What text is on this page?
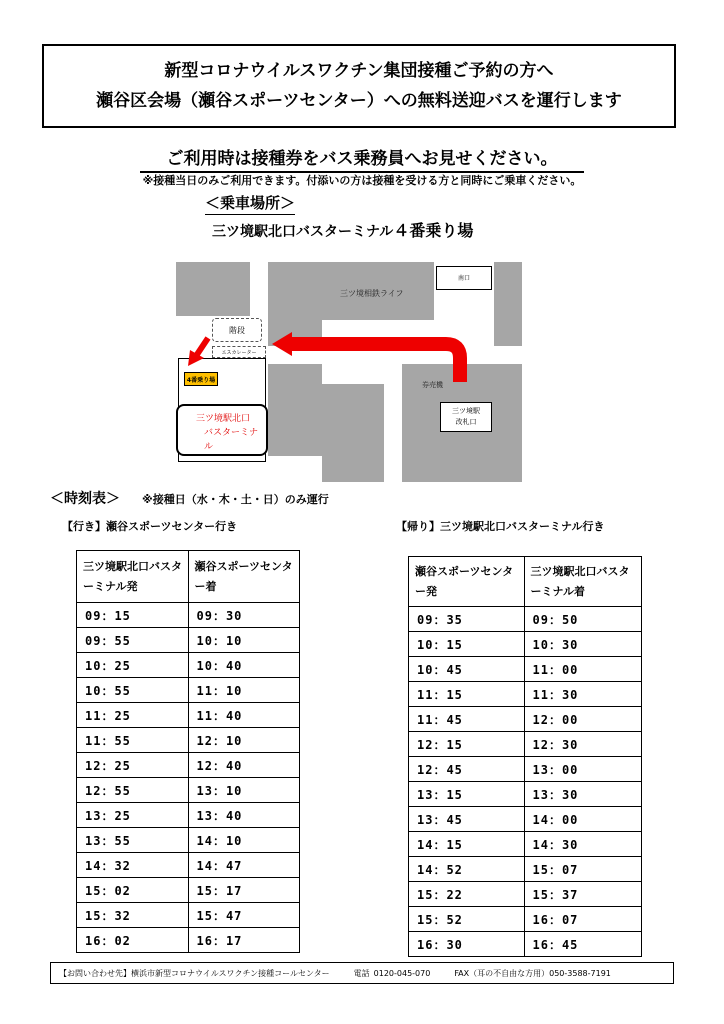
新型コロナウイルスワクチン集団接種ご予約の方へ
瀬谷区会場（瀬谷スポーツセンター）への無料送迎バスを運行します
ご利用時は接種券をバス乗務員へお見せください。
※接種当日のみご利用できます。付添いの方は接種を受ける方と同時にご乗車ください。
＜乗車場所＞
三ツ境駅北口バスターミナル４番乗り場
三ツ境相鉄ライフ
南口
券売機
階段
エスカレーター
4番乗り場
三ツ境駅北口
バスターミナル
三ツ境駅
改札口
＜時刻表＞ ※接種日（水・木・土・日）のみ運行
【行き】瀬谷スポーツセンター行き	【帰り】三ツ境駅北口バスターミナル行き
三ツ境駅北口バスターミナル発	瀬谷スポーツセンター着
09：15	09：30
09：55	10：10
10：25	10：40
10：55	11：10
11：25	11：40
11：55	12：10
12：25	12：40
12：55	13：10
13：25	13：40
13：55	14：10
14：32	14：47
15：02	15：17
15：32	15：47
16：02	16：17
瀬谷スポーツセンター発	三ツ境駅北口バスターミナル着
09：35	09：50
10：15	10：30
10：45	11：00
11：15	11：30
11：45	12：00
12：15	12：30
12：45	13：00
13：15	13：30
13：45	14：00
14：15	14：30
14：52	15：07
15：22	15：37
15：52	16：07
16：30	16：45
【お問い合わせ先】横浜市新型コロナウイルスワクチン接種コールセンター	電話 0120-045-070	FAX（耳の不自由な方用）050-3588-7191
